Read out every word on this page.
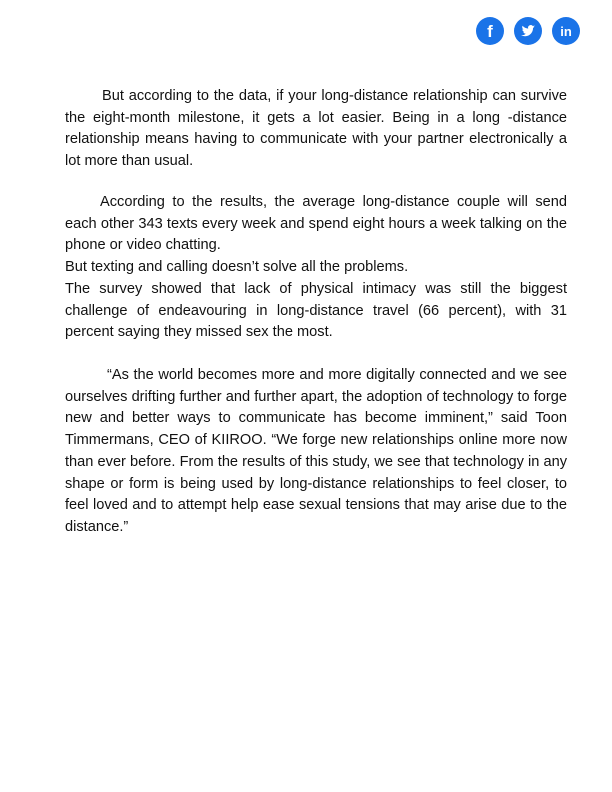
f	in

But according to the data, if your long-distance relationship can survive the eight-month milestone, it gets a lot easier. Being in a long -distance relationship means having to communicate with your partner electronically a lot more than usual.

According to the results, the average long-distance couple will send each other 343 texts every week and spend eight hours a week talking on the phone or video chatting.

But texting and calling doesn’t solve all the problems.

The survey showed that lack of physical intimacy was still the biggest challenge of endeavouring in long-distance travel (66 percent), with 31 percent saying they missed sex the most.

“As the world becomes more and more digitally connected and we see ourselves drifting further and further apart, the adoption of technology to forge new and better ways to communicate has become imminent,” said Toon Timmermans, CEO of KIIROO. “We forge new relationships online more now than ever before. From the results of this study, we see that technology in any shape or form is being used by long-distance relationships to feel closer, to feel loved and to attempt help ease sexual tensions that may arise due to the distance.”
